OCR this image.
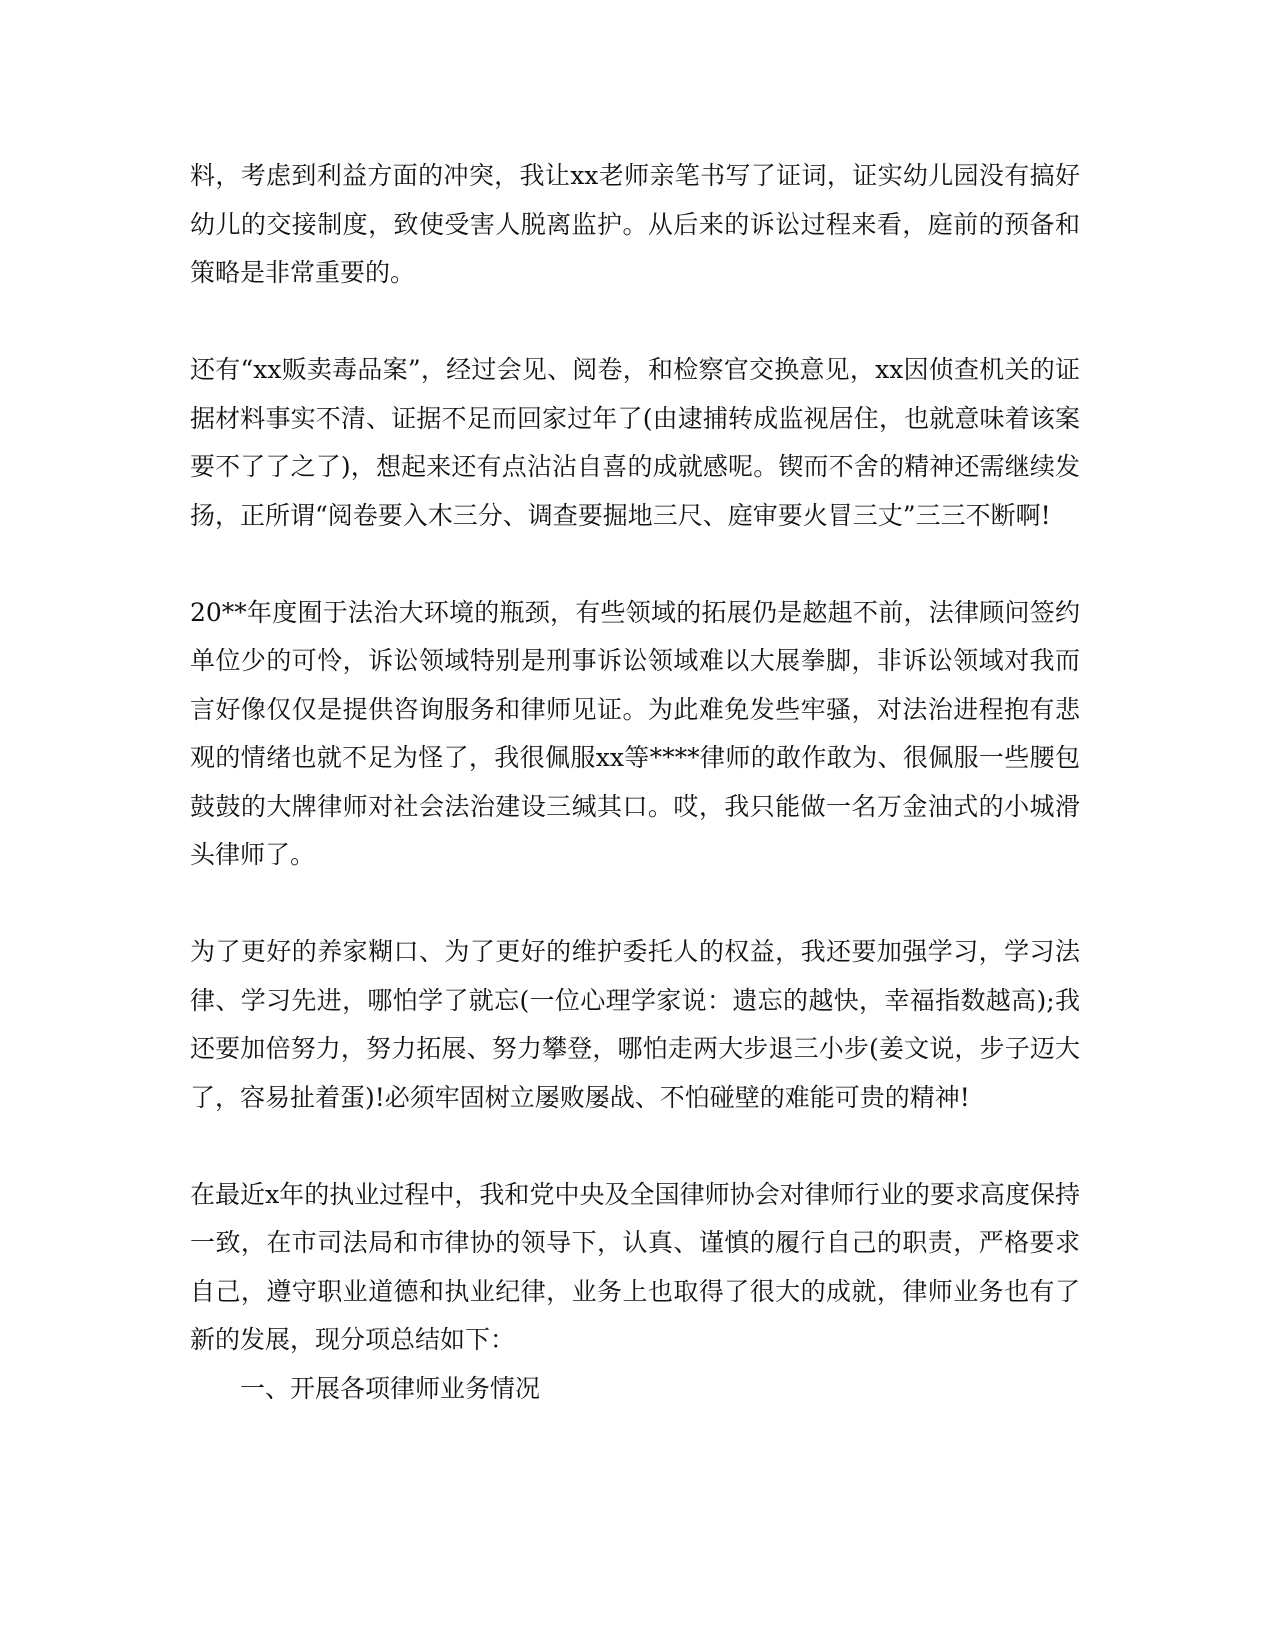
料，考虑到利益方面的冲突，我让xx老师亲笔书写了证词，证实幼儿园没有搞好幼儿的交接制度，致使受害人脱离监护。从后来的诉讼过程来看，庭前的预备和策略是非常重要的。

还有“xx贩卖毒品案”，经过会见、阅卷，和检察官交换意见，xx因侦查机关的证据材料事实不清、证据不足而回家过年了(由逮捕转成监视居住，也就意味着该案要不了了之了)，想起来还有点沾沾自喜的成就感呢。锲而不舍的精神还需继续发扬，正所谓“阅卷要入木三分、调查要掘地三尺、庭审要火冒三丈”三三不断啊!

20**年度囿于法治大环境的瓶颈，有些领域的拓展仍是趑趄不前，法律顾问签约单位少的可怜，诉讼领域特别是刑事诉讼领域难以大展拳脚，非诉讼领域对我而言好像仅仅是提供咨询服务和律师见证。为此难免发些牢骚，对法治进程抱有悲观的情绪也就不足为怪了，我很佩服xx等****律师的敢作敢为、很佩服一些腰包鼓鼓的大牌律师对社会法治建设三缄其口。哎，我只能做一名万金油式的小城滑头律师了。

为了更好的养家糊口、为了更好的维护委托人的权益，我还要加强学习，学习法律、学习先进，哪怕学了就忘(一位心理学家说：遗忘的越快，幸福指数越高);我还要加倍努力，努力拓展、努力攀登，哪怕走两大步退三小步(姜文说，步子迈大了，容易扯着蛋)!必须牢固树立屡败屡战、不怕碰壁的难能可贵的精神!

在最近x年的执业过程中，我和党中央及全国律师协会对律师行业的要求高度保持一致，在市司法局和市律协的领导下，认真、谨慎的履行自己的职责，严格要求自己，遵守职业道德和执业纪律，业务上也取得了很大的成就，律师业务也有了新的发展，现分项总结如下：

一、开展各项律师业务情况
